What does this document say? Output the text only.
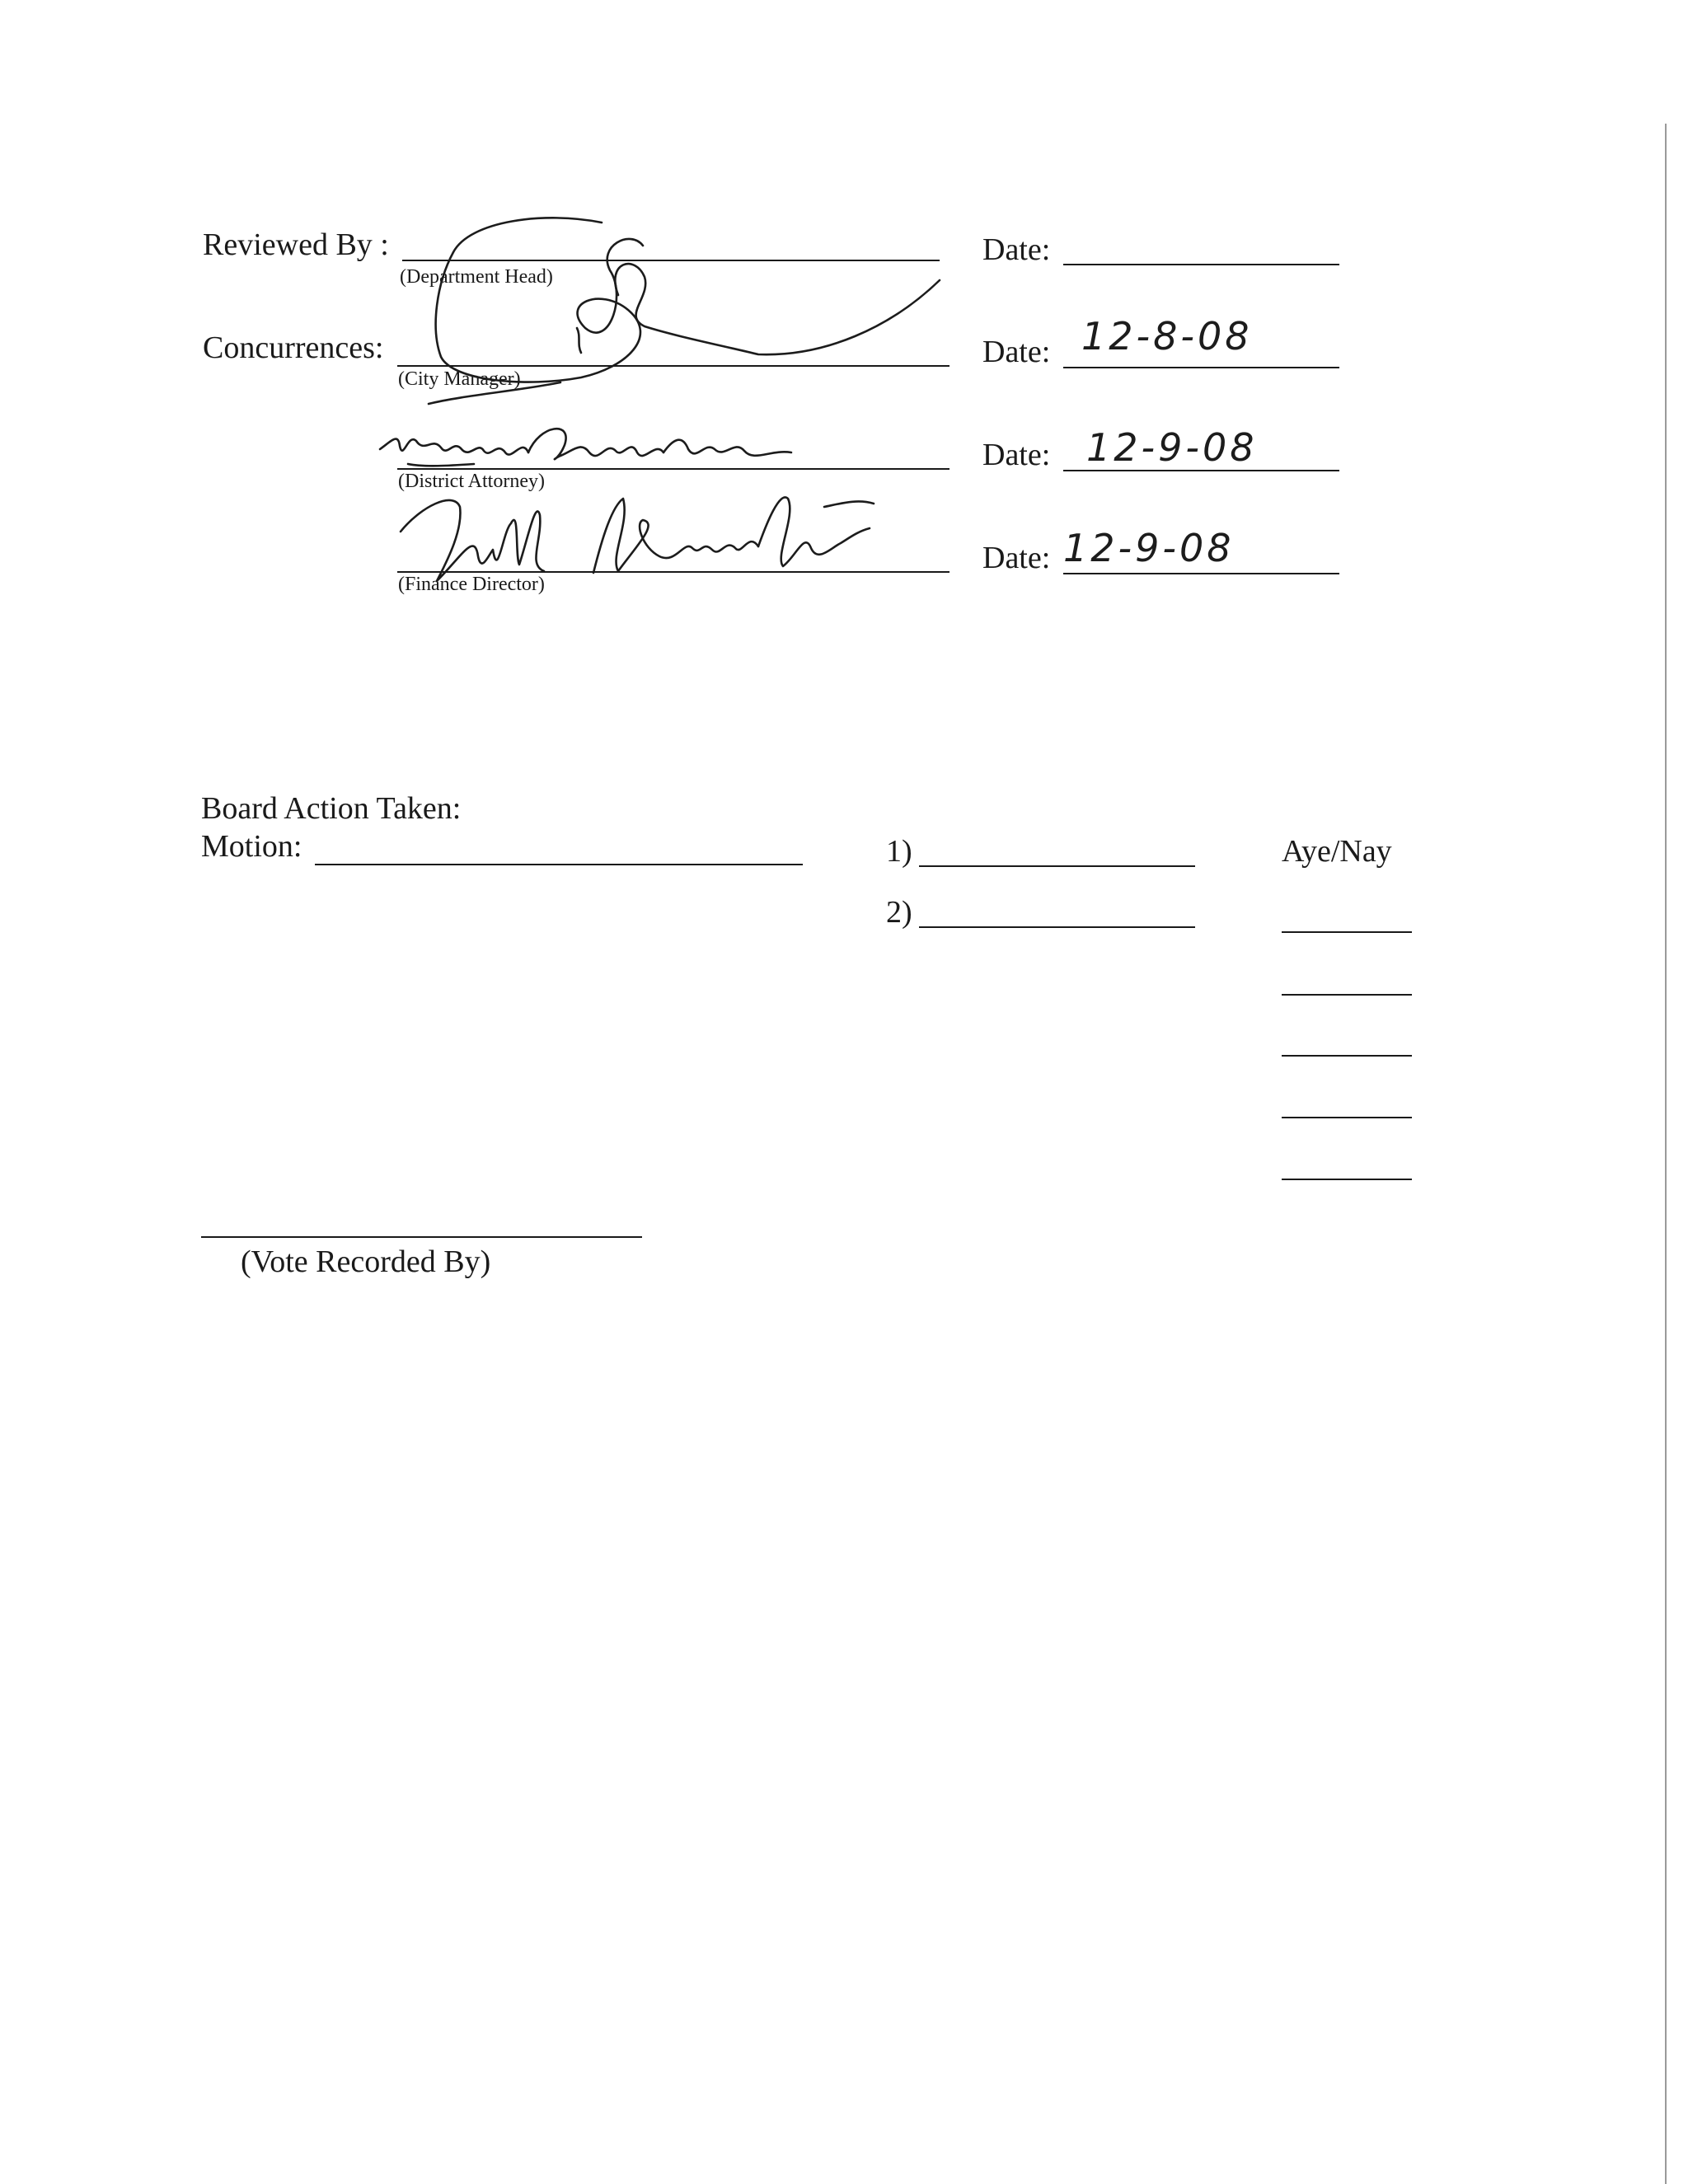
Reviewed By :
(Department Head)
Date:
Concurrences:
(City Manager)
Date: 12-8-08
(District Attorney)
Date: 12-9-08
(Finance Director)
Date: 12-9-08
Board Action Taken:
Motion:	1)	Aye/Nay
2)
(Vote Recorded By)
